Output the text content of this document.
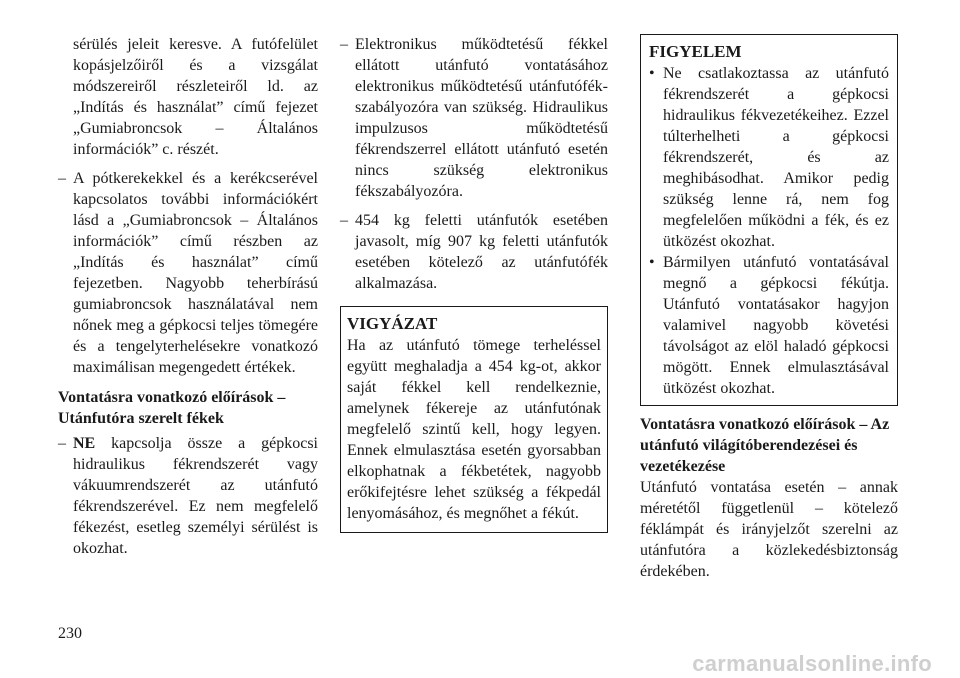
sérülés jeleit keresve. A futófelület kopásjelzőiről és a vizsgálat módszereiről részleteiről ld. az „Indítás és használat” című fejezet „Gumiabroncsok – Általános információk” c. részét.

– A pótkerekekkel és a kerékcserével kapcsolatos további információkért lásd a „Gumiabroncsok – Általános információk” című részben az „Indítás és használat” című fejezetben. Nagyobb teherbírású gumiabroncsok használatával nem nőnek meg a gépkocsi teljes tömegére és a tengelyterhelésekre vonatkozó maximálisan megengedett értékek.

Vontatásra vonatkozó előírások – Utánfutóra szerelt fékek

– NE kapcsolja össze a gépkocsi hidraulikus fékrendszerét vagy vákuumrendszerét az utánfutó fékrendszerével. Ez nem megfelelő fékezést, esetleg személyi sérülést is okozhat.
– Elektronikus működtetésű fékkel ellátott utánfutó vontatásához elektronikus működtetésű utánfutófék-szabályozóra van szükség. Hidraulikus impulzusos működtetésű fékrendszerrel ellátott utánfutó esetén nincs szükség elektronikus fékszabályozóra.
– 454 kg feletti utánfutók esetében javasolt, míg 907 kg feletti utánfutók esetében kötelező az utánfutófék alkalmazása.
VIGYÁZAT
Ha az utánfutó tömege terheléssel együtt meghaladja a 454 kg-ot, akkor saját fékkel kell rendelkeznie, amelynek fékereje az utánfutónak megfelelő szintű kell, hogy legyen. Ennek elmulasztása esetén gyorsabban elkophatnak a fékbetétek, nagyobb erőkifejtésre lehet szükség a fékpedál lenyomásához, és megnőhet a fékút.
FIGYELEM
• Ne csatlakoztassa az utánfutó fékrendszerét a gépkocsi hidraulikus fékvezetékeihez. Ezzel túlterhelheti a gépkocsi fékrendszerét, és az meghibásodhat. Amikor pedig szükség lenne rá, nem fog megfelelően működni a fék, és ez ütközést okozhat.
• Bármilyen utánfutó vontatásával megnő a gépkocsi fékútja. Utánfutó vontatásakor hagyjon valamivel nagyobb követési távolságot az elöl haladó gépkocsi mögött. Ennek elmulasztásával ütközést okozhat.

Vontatásra vonatkozó előírások – Az utánfutó világítóberendezései és vezetékezése

Utánfutó vontatása esetén – annak méretétől függetlenül – kötelező féklámpát és irányjelzőt szerelni az utánfutóra a közlekedésbiztonság érdekében.

230
carmanualsonline.info
